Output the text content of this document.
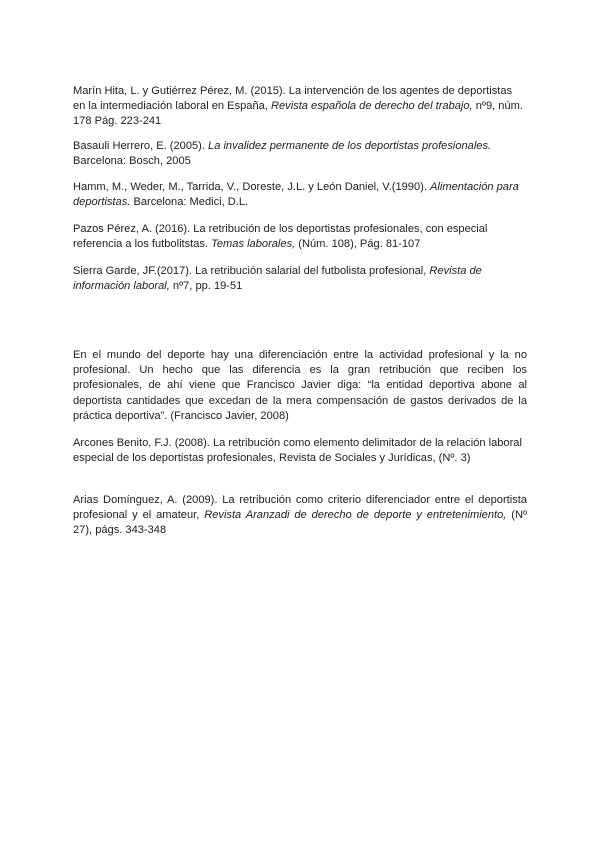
Marín Hita, L. y Gutiérrez Pérez, M. (2015). La intervención de los agentes de deportistas en la intermediación laboral en España, Revista española de derecho del trabajo, nº9, núm. 178 Pág. 223-241

Basauli Herrero, E. (2005). La invalidez permanente de los deportistas profesionales. Barcelona: Bosch, 2005

Hamm, M., Weder, M., Tarrida, V., Doreste, J.L. y León Daniel, V.(1990). Alimentación para deportistas. Barcelona: Medici, D.L.

Pazos Pérez, A. (2016). La retribución de los deportistas profesionales, con especial referencia a los futbolitstas. Temas laborales, (Núm. 108), Pág. 81-107

Sierra Garde, JF.(2017). La retribución salarial del futbolista profesional, Revista de información laboral, nº7, pp. 19-51

En el mundo del deporte hay una diferenciación entre la actividad profesional y la no profesional. Un hecho que las diferencia es la gran retribución que reciben los profesionales, de ahí viene que Francisco Javier diga: “la entidad deportiva abone al deportista cantidades que excedan de la mera compensación de gastos derivados de la práctica deportiva”. (Francisco Javier, 2008)

Arcones Benito, F.J. (2008). La retribución como elemento delimitador de la relación laboral especial de los deportistas profesionales, Revista de Sociales y Jurídicas, (Nº. 3)

Arias Domínguez, A. (2009). La retribución como criterio diferenciador entre el deportista profesional y el amateur, Revista Aranzadi de derecho de deporte y entretenimiento, (Nº 27), págs. 343-348
